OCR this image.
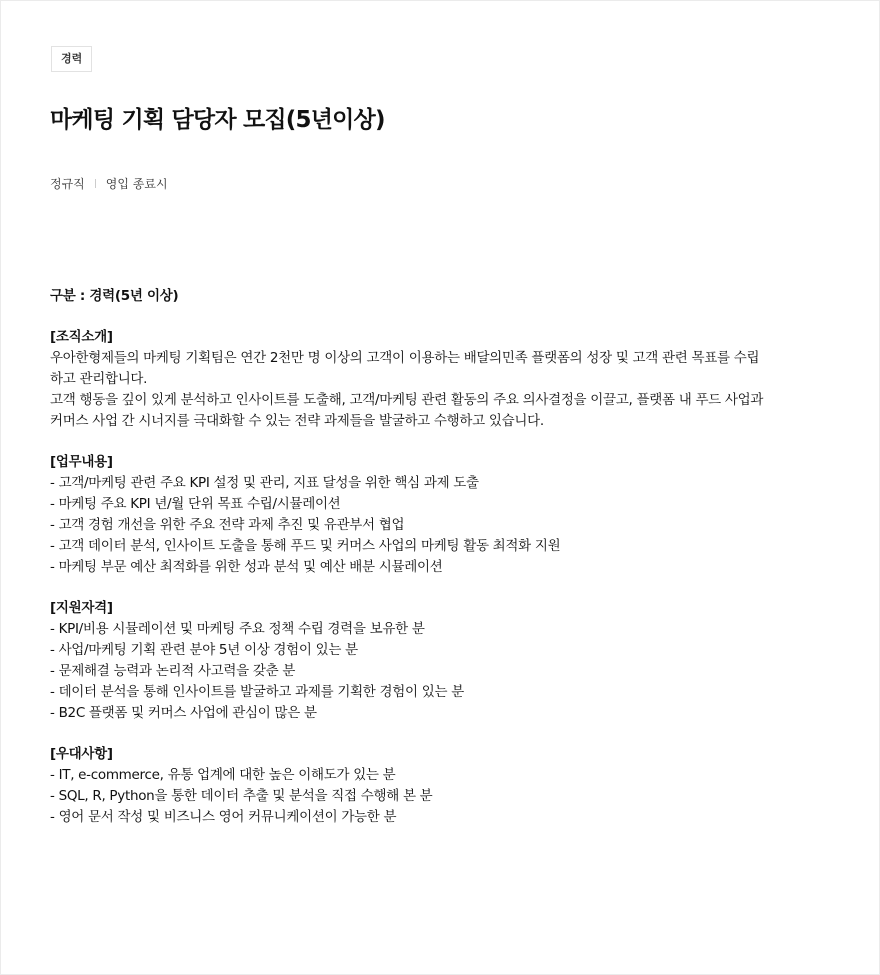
경력
마케팅 기획 담당자 모집(5년이상)
정규직 영입 종료시

구분 : 경력(5년 이상)

[조직소개]

우아한형제들의 마케팅 기획팀은 연간 2천만 명 이상의 고객이 이용하는 배달의민족 플랫폼의 성장 및 고객 관련 목표를 수립

하고 관리합니다.

고객 행동을 깊이 있게 분석하고 인사이트를 도출해, 고객/마케팅 관련 활동의 주요 의사결정을 이끌고, 플랫폼 내 푸드 사업과

커머스 사업 간 시너지를 극대화할 수 있는 전략 과제들을 발굴하고 수행하고 있습니다.

[업무내용]

- 고객/마케팅 관련 주요 KPI 설정 및 관리, 지표 달성을 위한 핵심 과제 도출

- 마케팅 주요 KPI 년/월 단위 목표 수립/시뮬레이션

- 고객 경험 개선을 위한 주요 전략 과제 추진 및 유관부서 협업

- 고객 데이터 분석, 인사이트 도출을 통해 푸드 및 커머스 사업의 마케팅 활동 최적화 지원

- 마케팅 부문 예산 최적화를 위한 성과 분석 및 예산 배분 시뮬레이션

[지원자격]

- KPI/비용 시뮬레이션 및 마케팅 주요 정책 수립 경력을 보유한 분

- 사업/마케팅 기획 관련 분야 5년 이상 경험이 있는 분

- 문제해결 능력과 논리적 사고력을 갖춘 분

- 데이터 분석을 통해 인사이트를 발굴하고 과제를 기획한 경험이 있는 분

- B2C 플랫폼 및 커머스 사업에 관심이 많은 분

[우대사항]

- IT, e-commerce, 유통 업계에 대한 높은 이해도가 있는 분

- SQL, R, Python을 통한 데이터 추출 및 분석을 직접 수행해 본 분

- 영어 문서 작성 및 비즈니스 영어 커뮤니케이션이 가능한 분
